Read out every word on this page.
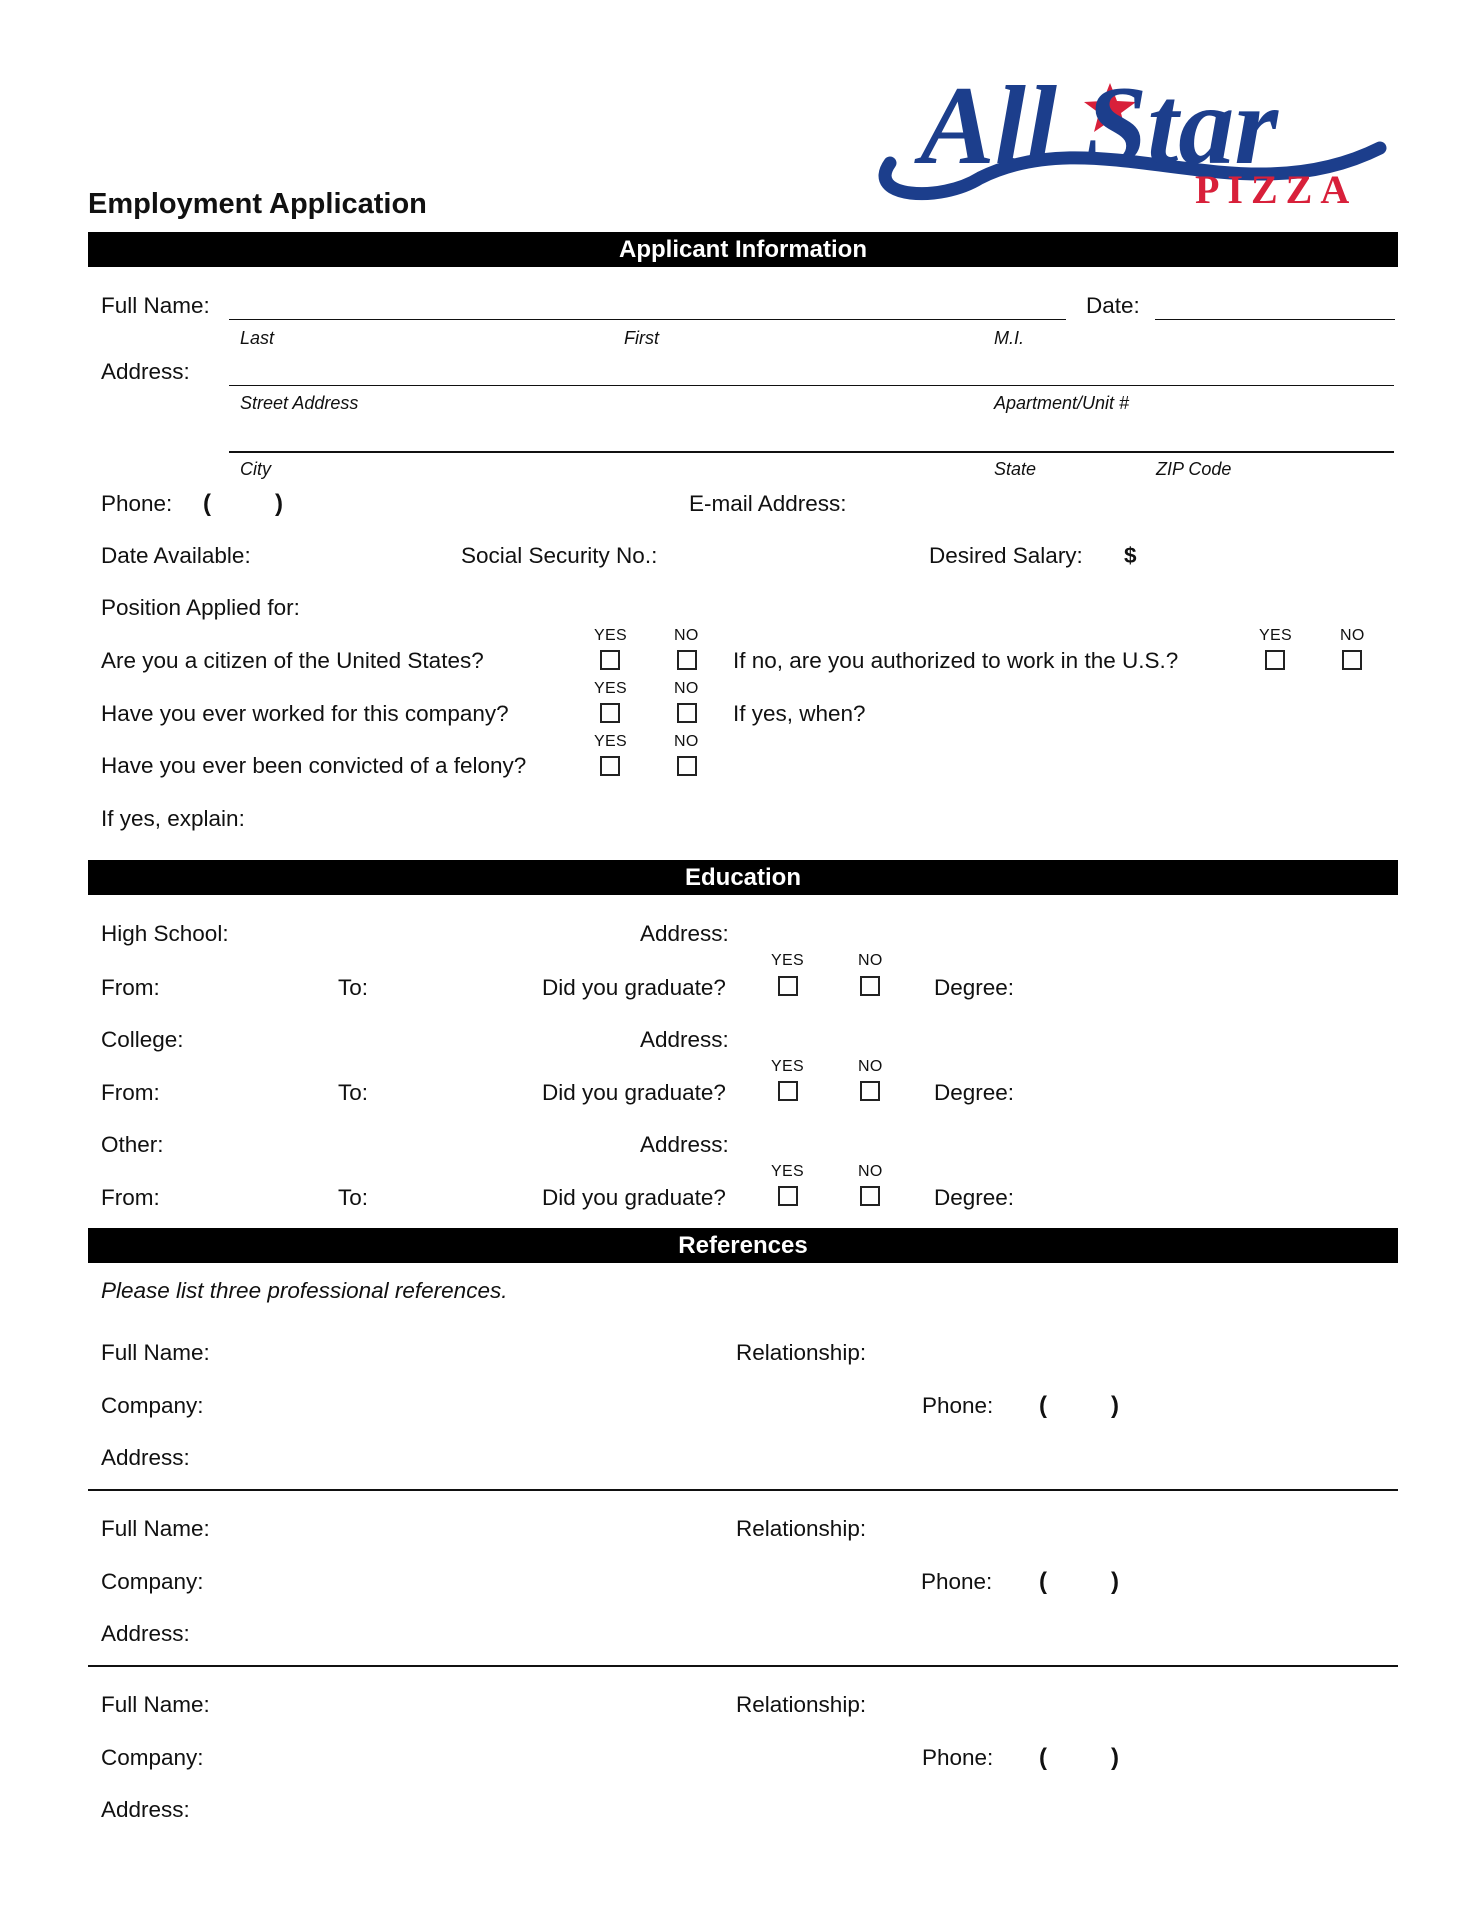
All Star
PIZZA
Employment Application
Applicant Information
Full Name:	Date:
Last	First	M.I.
Address:
Street Address	Apartment/Unit #
City	State	ZIP Code
Phone: (	)	E-mail Address:
Date Available:	Social Security No.:	Desired Salary: $
Position Applied for:
Are you a citizen of the United States?
YES	NO
If no, are you authorized to work in the U.S.?
YES	NO
Have you ever worked for this company?
YES	NO
If yes, when?
Have you ever been convicted of a felony?
YES	NO
If yes, explain:
Education
High School:	Address:
From:	To:	Did you graduate?
YES	NO
Degree:
College:	Address:
From:	To:	Did you graduate?
YES	NO
Degree:
Other:	Address:
From:	To:	Did you graduate?
YES	NO
Degree:
References
Please list three professional references.
Full Name:	Relationship:
Company:	Phone: (	)
Address:
Full Name:	Relationship:
Company:	Phone: (	)
Address:
Full Name:	Relationship:
Company:	Phone: (	)
Address:
